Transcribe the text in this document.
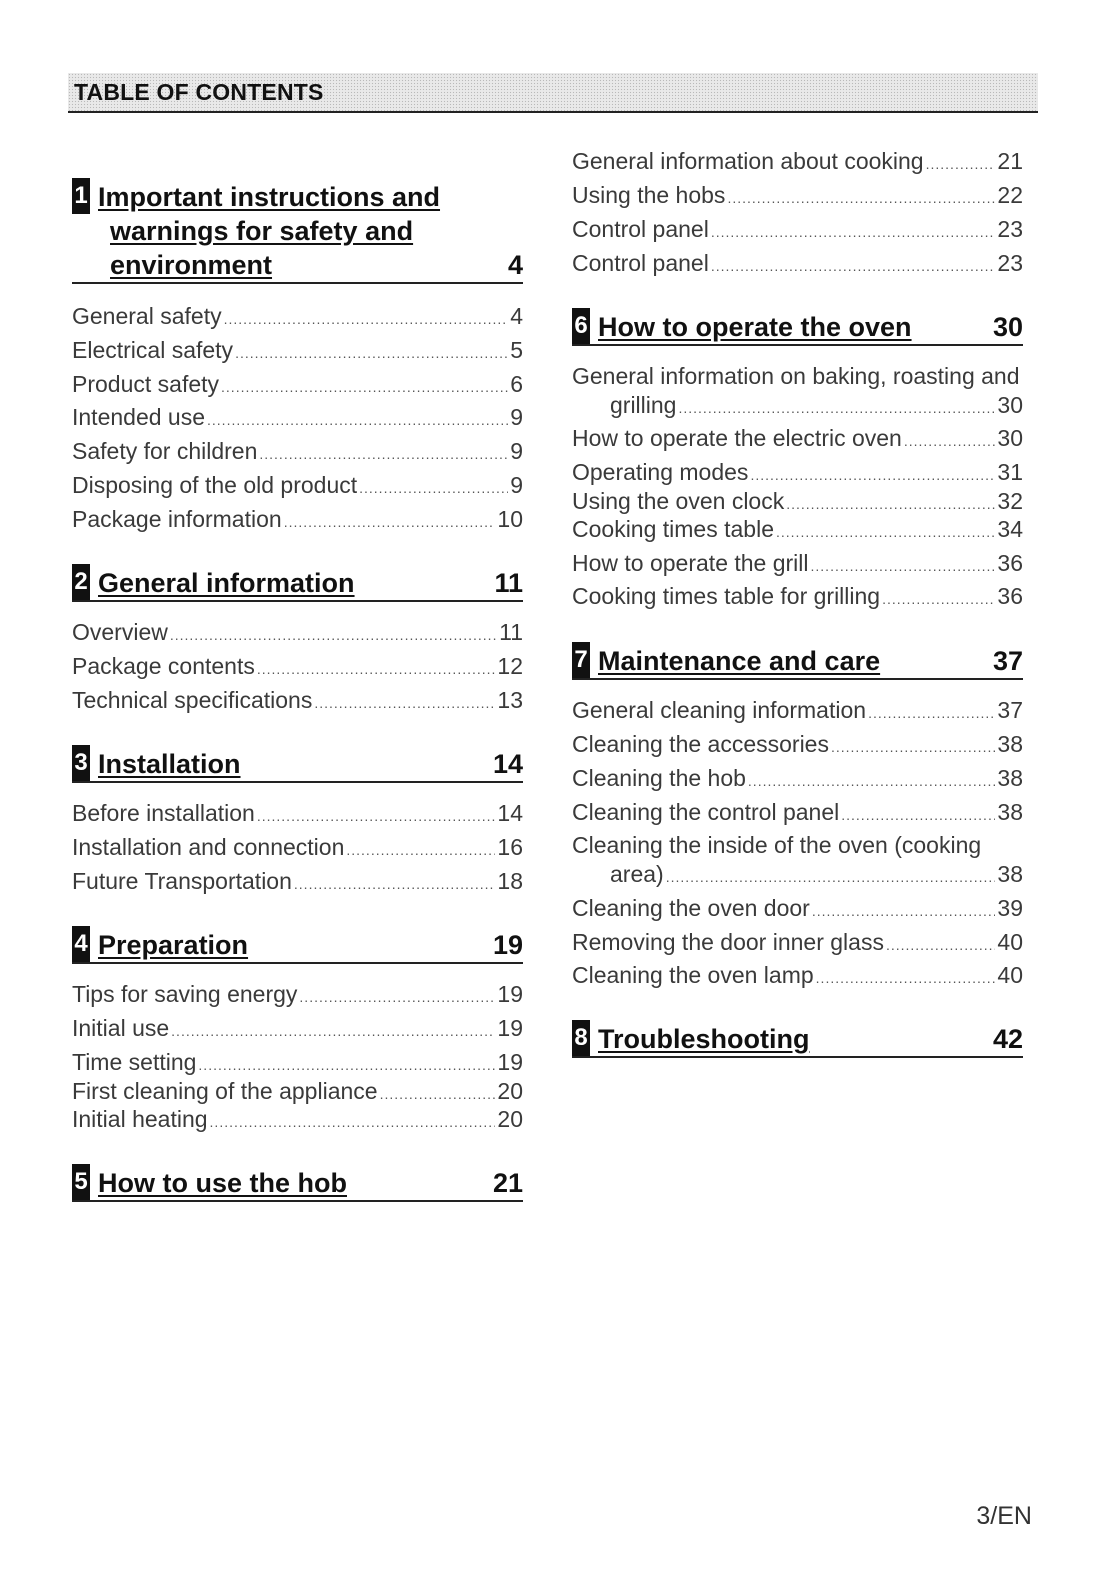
TABLE OF CONTENTS
1 Important instructions and
warnings for safety and
environment	4
General safety .....	4
Electrical safety .....	5
Product safety .....	6
Intended use .....	9
Safety for children .....	9
Disposing of the old product .....	9
Package information .....	10
2 General information	11
Overview .....	11
Package contents .....	12
Technical specifications .....	13
3 Installation	14
Before installation .....	14
Installation and connection .....	16
Future Transportation .....	18
4 Preparation	19
Tips for saving energy .....	19
Initial use .....	19
Time setting .....	19
First cleaning of the appliance .....	20
Initial heating .....	20
5 How to use the hob	21
General information about cooking .....	21
Using the hobs .....	22
Control panel .....	23
Control panel .....	23
6 How to operate the oven	30
General information on baking, roasting and
grilling .....	30
How to operate the electric oven .....	30
Operating modes .....	31
Using the oven clock .....	32
Cooking times table .....	34
How to operate the grill .....	36
Cooking times table for grilling .....	36
7 Maintenance and care	37
General cleaning information .....	37
Cleaning the accessories .....	38
Cleaning the hob .....	38
Cleaning the control panel .....	38
Cleaning the inside of the oven (cooking
area) .....	38
Cleaning the oven door .....	39
Removing the door inner glass .....	40
Cleaning the oven lamp .....	40
8 Troubleshooting	42
3/EN
